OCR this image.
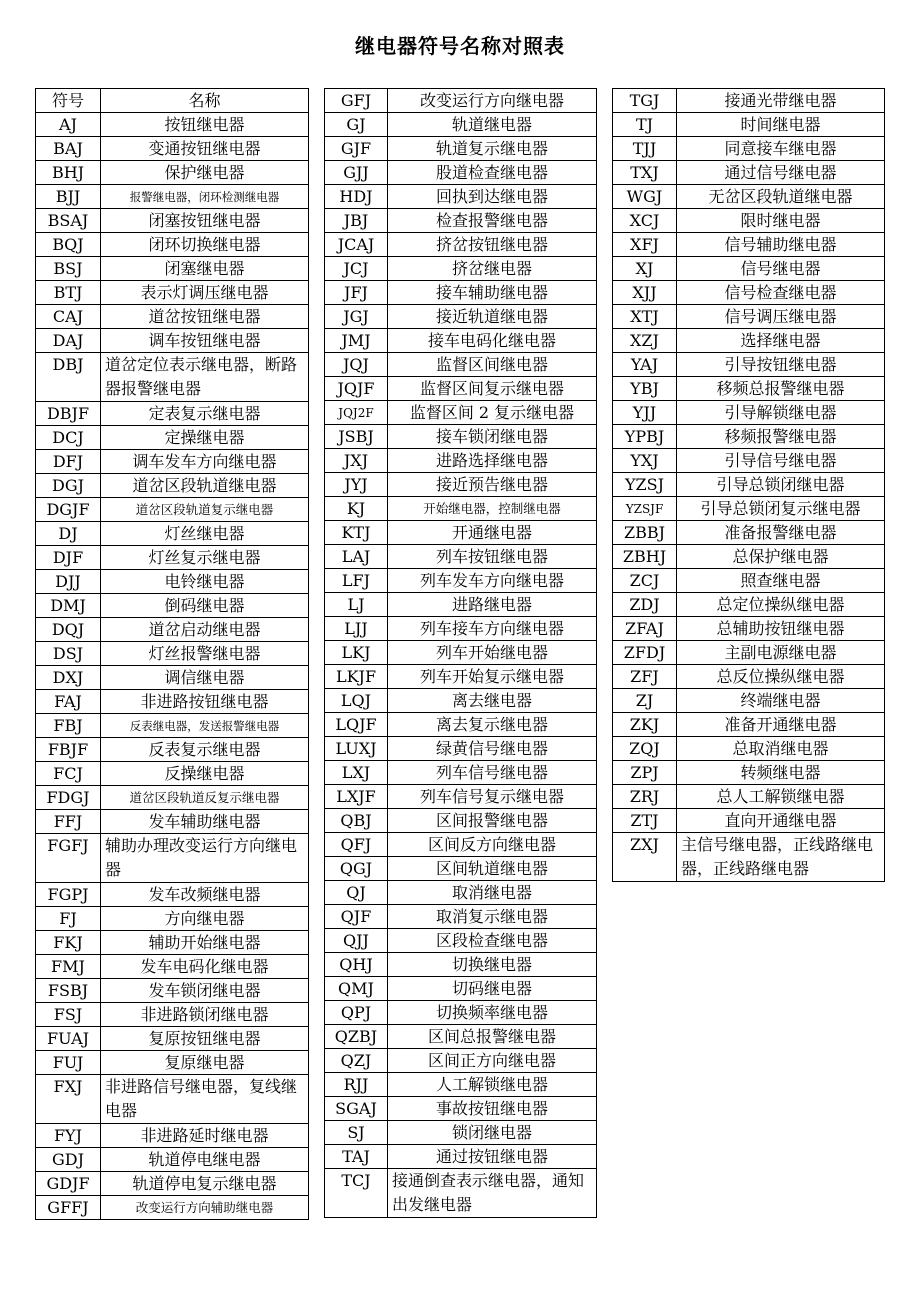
继电器符号名称对照表
符号	名称
AJ	按钮继电器
BAJ	变通按钮继电器
BHJ	保护继电器
BJJ	报警继电器，闭环检测继电器
BSAJ	闭塞按钮继电器
BQJ	闭环切换继电器
BSJ	闭塞继电器
BTJ	表示灯调压继电器
CAJ	道岔按钮继电器
DAJ	调车按钮继电器
DBJ	道岔定位表示继电器，断路器报警继电器
DBJF	定表复示继电器
DCJ	定操继电器
DFJ	调车发车方向继电器
DGJ	道岔区段轨道继电器
DGJF	道岔区段轨道复示继电器
DJ	灯丝继电器
DJF	灯丝复示继电器
DJJ	电铃继电器
DMJ	倒码继电器
DQJ	道岔启动继电器
DSJ	灯丝报警继电器
DXJ	调信继电器
FAJ	非进路按钮继电器
FBJ	反表继电器，发送报警继电器
FBJF	反表复示继电器
FCJ	反操继电器
FDGJ	道岔区段轨道反复示继电器
FFJ	发车辅助继电器
FGFJ	辅助办理改变运行方向继电器
FGPJ	发车改频继电器
FJ	方向继电器
FKJ	辅助开始继电器
FMJ	发车电码化继电器
FSBJ	发车锁闭继电器
FSJ	非进路锁闭继电器
FUAJ	复原按钮继电器
FUJ	复原继电器
FXJ	非进路信号继电器，复线继电器
FYJ	非进路延时继电器
GDJ	轨道停电继电器
GDJF	轨道停电复示继电器
GFFJ	改变运行方向辅助继电器
GFJ	改变运行方向继电器
GJ	轨道继电器
GJF	轨道复示继电器
GJJ	股道检查继电器
HDJ	回执到达继电器
JBJ	检查报警继电器
JCAJ	挤岔按钮继电器
JCJ	挤岔继电器
JFJ	接车辅助继电器
JGJ	接近轨道继电器
JMJ	接车电码化继电器
JQJ	监督区间继电器
JQJF	监督区间复示继电器
JQJ2F	监督区间 2 复示继电器
JSBJ	接车锁闭继电器
JXJ	进路选择继电器
JYJ	接近预告继电器
KJ	开始继电器，控制继电器
KTJ	开通继电器
LAJ	列车按钮继电器
LFJ	列车发车方向继电器
LJ	进路继电器
LJJ	列车接车方向继电器
LKJ	列车开始继电器
LKJF	列车开始复示继电器
LQJ	离去继电器
LQJF	离去复示继电器
LUXJ	绿黄信号继电器
LXJ	列车信号继电器
LXJF	列车信号复示继电器
QBJ	区间报警继电器
QFJ	区间反方向继电器
QGJ	区间轨道继电器
QJ	取消继电器
QJF	取消复示继电器
QJJ	区段检查继电器
QHJ	切换继电器
QMJ	切码继电器
QPJ	切换频率继电器
QZBJ	区间总报警继电器
QZJ	区间正方向继电器
RJJ	人工解锁继电器
SGAJ	事故按钮继电器
SJ	锁闭继电器
TAJ	通过按钮继电器
TCJ	接通倒查表示继电器，通知出发继电器
TGJ	接通光带继电器
TJ	时间继电器
TJJ	同意接车继电器
TXJ	通过信号继电器
WGJ	无岔区段轨道继电器
XCJ	限时继电器
XFJ	信号辅助继电器
XJ	信号继电器
XJJ	信号检查继电器
XTJ	信号调压继电器
XZJ	选择继电器
YAJ	引导按钮继电器
YBJ	移频总报警继电器
YJJ	引导解锁继电器
YPBJ	移频报警继电器
YXJ	引导信号继电器
YZSJ	引导总锁闭继电器
YZSJF	引导总锁闭复示继电器
ZBBJ	准备报警继电器
ZBHJ	总保护继电器
ZCJ	照查继电器
ZDJ	总定位操纵继电器
ZFAJ	总辅助按钮继电器
ZFDJ	主副电源继电器
ZFJ	总反位操纵继电器
ZJ	终端继电器
ZKJ	准备开通继电器
ZQJ	总取消继电器
ZPJ	转频继电器
ZRJ	总人工解锁继电器
ZTJ	直向开通继电器
ZXJ	主信号继电器，正线路继电器，正线路继电器
